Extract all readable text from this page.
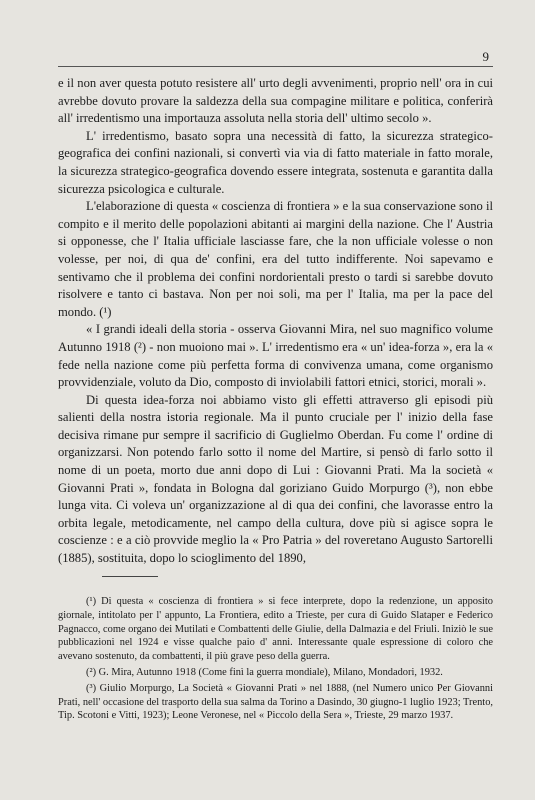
9

e il non aver questa potuto resistere all' urto degli avvenimenti, proprio nell' ora in cui avrebbe dovuto provare la saldezza della sua compagine militare e politica, conferirà all' irredentismo una importauza assoluta nella storia dell' ultimo secolo ».

L' irredentismo, basato sopra una necessità di fatto, la sicurezza strategico-geografica dei confini nazionali, si convertì via via di fatto materiale in fatto morale, la sicurezza strategico-geografica dovendo essere integrata, sostenuta e garantita dalla sicurezza psicologica e culturale.

L'elaborazione di questa « coscienza di frontiera » e la sua conservazione sono il compito e il merito delle popolazioni abitanti ai margini della nazione. Che l' Austria si opponesse, che l' Italia ufficiale lasciasse fare, che la non ufficiale volesse o non volesse, per noi, di qua de' confini, era del tutto indifferente. Noi sapevamo e sentivamo che il problema dei confini nordorientali presto o tardi si sarebbe dovuto risolvere e tanto ci bastava. Non per noi soli, ma per l' Italia, ma per la pace del mondo. (¹)

« I grandi ideali della storia - osserva Giovanni Mira, nel suo magnifico volume Autunno 1918 (²) - non muoiono mai ». L' irredentismo era « un' idea-forza », era la « fede nella nazione come più perfetta forma di convivenza umana, come organismo provvidenziale, voluto da Dio, composto di inviolabili fattori etnici, storici, morali ».

Di questa idea-forza noi abbiamo visto gli effetti attraverso gli episodi più salienti della nostra istoria regionale. Ma il punto cruciale per l' inizio della fase decisiva rimane pur sempre il sacrificio di Guglielmo Oberdan. Fu come l' ordine di organizzarsi. Non potendo farlo sotto il nome del Martire, si pensò di farlo sotto il nome di un poeta, morto due anni dopo di Lui : Giovanni Prati. Ma la società « Giovanni Prati », fondata in Bologna dal goriziano Guido Morpurgo (³), non ebbe lunga vita. Ci voleva un' organizzazione al di qua dei confini, che lavorasse entro la orbita legale, metodicamente, nel campo della cultura, dove più si agisce sopra le coscienze : e a ciò provvide meglio la « Pro Patria » del roveretano Augusto Sartorelli (1885), sostituita, dopo lo scioglimento del 1890,

(¹) Di questa « coscienza di frontiera » si fece interprete, dopo la redenzione, un apposito giornale, intitolato per l' appunto, La Frontiera, edito a Trieste, per cura di Guido Slataper e Federico Pagnacco, come organo dei Mutilati e Combattenti delle Giulie, della Dalmazia e del Friuli. Iniziò le sue pubblicazioni nel 1924 e visse qualche paio d' anni. Interessante quale espressione di coloro che avevano sostenuto, da combattenti, il più grave peso della guerra.

(²) G. Mira, Autunno 1918 (Come finì la guerra mondiale), Milano, Mondadori, 1932.

(³) Giulio Morpurgo, La Società « Giovanni Prati » nel 1888, (nel Numero unico Per Giovanni Prati, nell' occasione del trasporto della sua salma da Torino a Dasindo, 30 giugno-1 luglio 1923; Trento, Tip. Scotoni e Vitti, 1923); Leone Veronese, nel « Piccolo della Sera », Trieste, 29 marzo 1937.
